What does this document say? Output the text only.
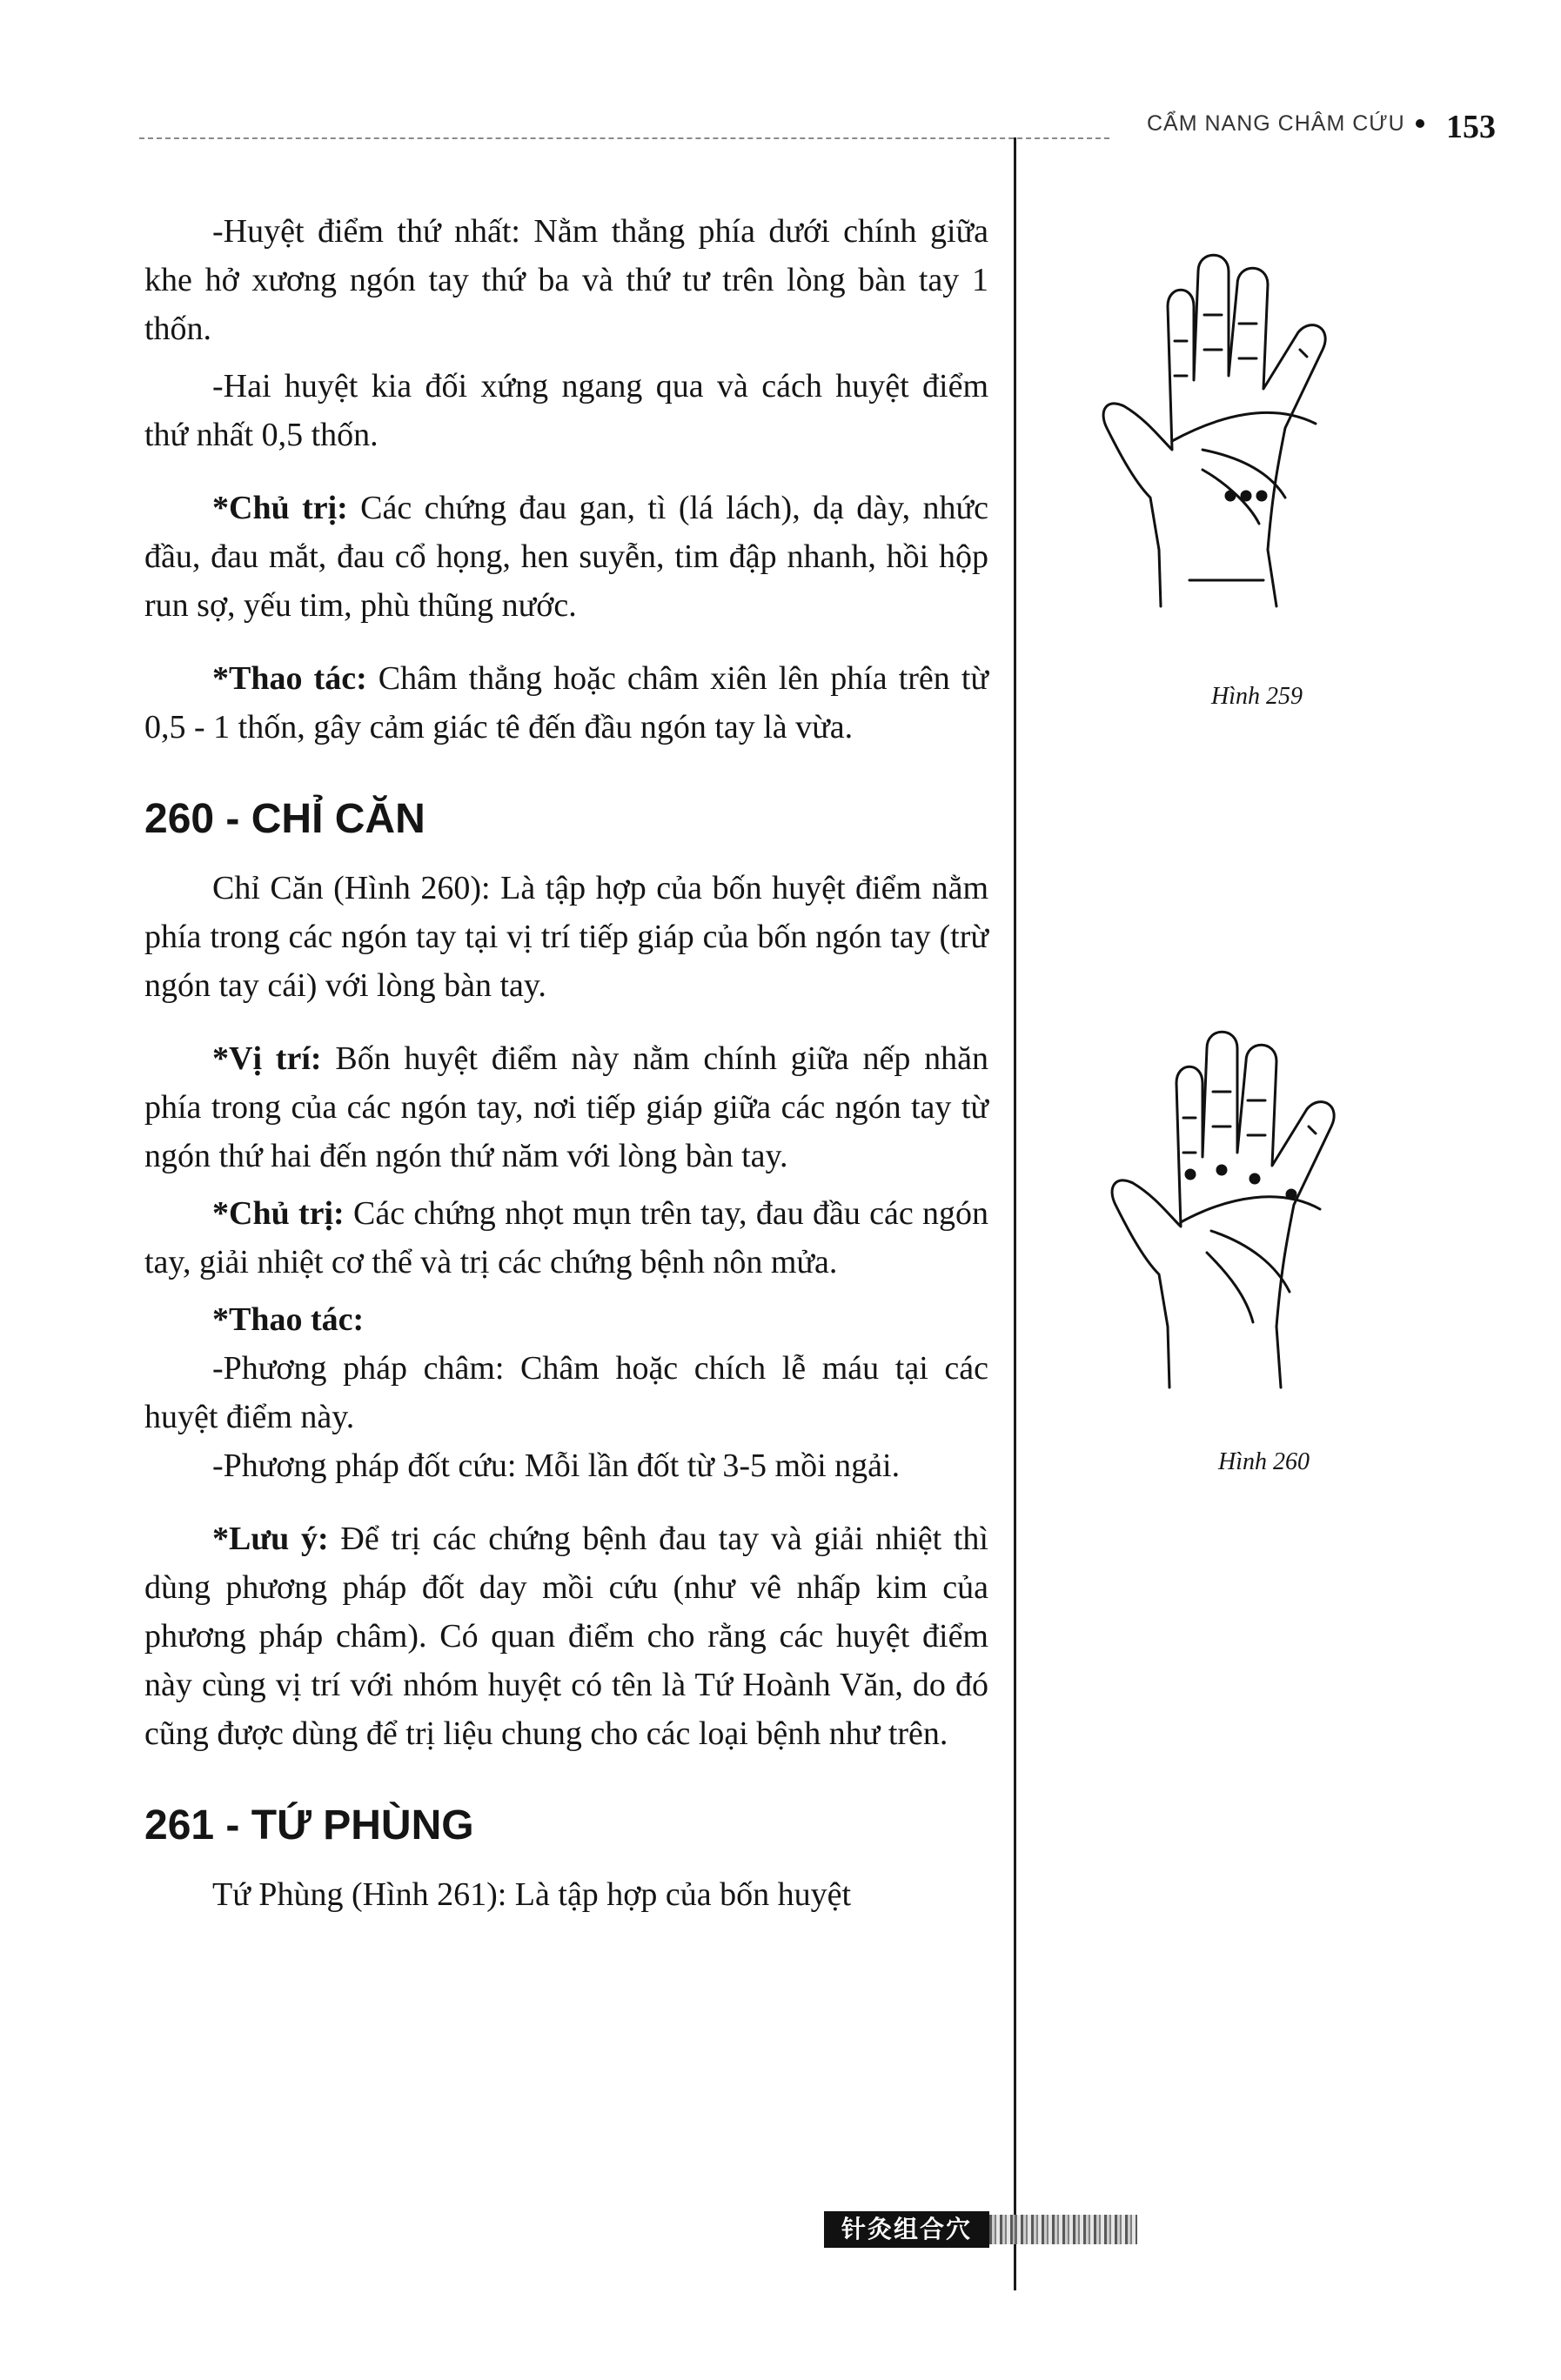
CẨM NANG CHÂM CỨU	153

-Huyệt điểm thứ nhất: Nằm thẳng phía dưới chính giữa khe hở xương ngón tay thứ ba và thứ tư trên lòng bàn tay 1 thốn.

-Hai huyệt kia đối xứng ngang qua và cách huyệt điểm thứ nhất 0,5 thốn.

*Chủ trị: Các chứng đau gan, tì (lá lách), dạ dày, nhức đầu, đau mắt, đau cổ họng, hen suyễn, tim đập nhanh, hồi hộp run sợ, yếu tim, phù thũng nước.

*Thao tác: Châm thẳng hoặc châm xiên lên phía trên từ 0,5 - 1 thốn, gây cảm giác tê đến đầu ngón tay là vừa.

260 - CHỈ CĂN

Chỉ Căn (Hình 260): Là tập hợp của bốn huyệt điểm nằm phía trong các ngón tay tại vị trí tiếp giáp của bốn ngón tay (trừ ngón tay cái) với lòng bàn tay.

*Vị trí: Bốn huyệt điểm này nằm chính giữa nếp nhăn phía trong của các ngón tay, nơi tiếp giáp giữa các ngón tay từ ngón thứ hai đến ngón thứ năm với lòng bàn tay.

*Chủ trị: Các chứng nhọt mụn trên tay, đau đầu các ngón tay, giải nhiệt cơ thể và trị các chứng bệnh nôn mửa.

*Thao tác:

-Phương pháp châm: Châm hoặc chích lễ máu tại các huyệt điểm này.

-Phương pháp đốt cứu: Mỗi lần đốt từ 3-5 mồi ngải.

*Lưu ý: Để trị các chứng bệnh đau tay và giải nhiệt thì dùng phương pháp đốt day mồi cứu (như vê nhấp kim của phương pháp châm). Có quan điểm cho rằng các huyệt điểm này cùng vị trí với nhóm huyệt có tên là Tứ Hoành Văn, do đó cũng được dùng để trị liệu chung cho các loại bệnh như trên.

261 - TỨ PHÙNG

Tứ Phùng (Hình 261): Là tập hợp của bốn huyệt

Hình 259
Hình 260
针灸组合穴
